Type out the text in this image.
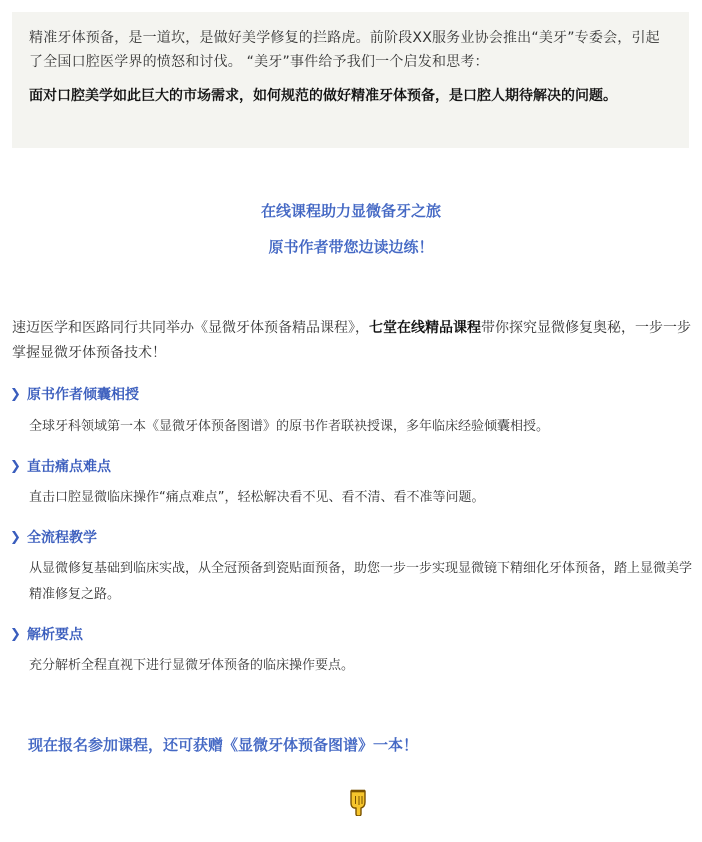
精准牙体预备，是一道坎，是做好美学修复的拦路虎。前阶段XX服务业协会推出“美牙”专委会，引起了全国口腔医学界的愤怒和讨伐。 “美牙”事件给予我们一个启发和思考：

面对口腔美学如此巨大的市场需求，如何规范的做好精准牙体预备，是口腔人期待解决的问题。

在线课程助力显微备牙之旅
原书作者带您边读边练！

速迈医学和医路同行共同举办《显微牙体预备精品课程》，七堂在线精品课程带你探究显微修复奥秘，一步一步掌握显微牙体预备技术！

❯ 原书作者倾囊相授

全球牙科领域第一本《显微牙体预备图谱》的原书作者联袂授课，多年临床经验倾囊相授。

❯ 直击痛点难点

直击口腔显微临床操作“痛点难点”，轻松解决看不见、看不清、看不准等问题。

❯ 全流程教学

从显微修复基础到临床实战，从全冠预备到瓷贴面预备，助您一步一步实现显微镜下精细化牙体预备，踏上显微美学精准修复之路。

❯ 解析要点

充分解析全程直视下进行显微牙体预备的临床操作要点。

现在报名参加课程，还可获赠《显微牙体预备图谱》一本！
